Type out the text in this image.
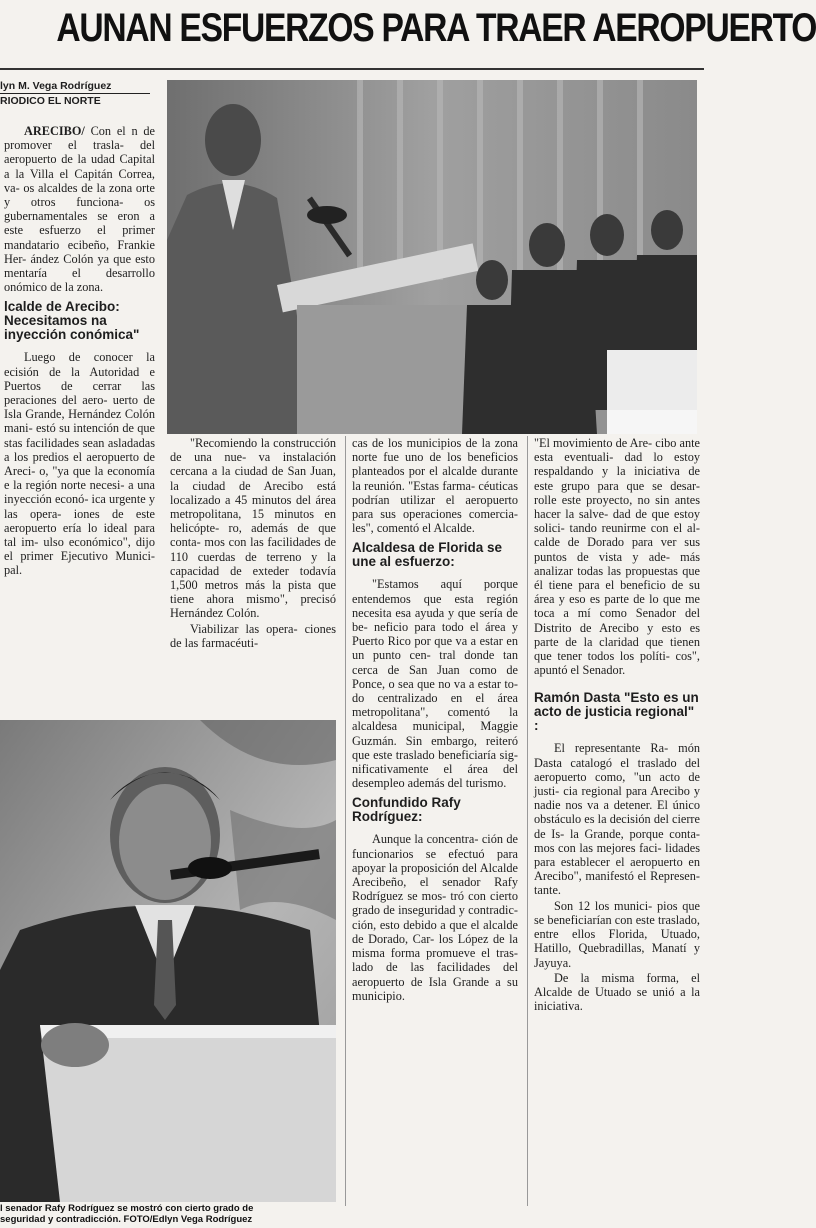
AUNAN ESFUERZOS PARA TRAER AEROPUERTO
lyn M. Vega Rodríguez
RIODICO EL NORTE

ARECIBO/ Con el n de promover el trasla- del aeropuerto de la udad Capital a la Villa el Capitán Correa, va- os alcaldes de la zona orte y otros funciona- os gubernamentales se eron a este esfuerzo el primer mandatario ecibeño, Frankie Her- ández Colón ya que esto mentaría el desarrollo onómico de la zona.

lcalde de Arecibo: Necesitamos na inyección conómica"

Luego de conocer la ecisión de la Autoridad e Puertos de cerrar las peraciones del aero- uerto de Isla Grande, Hernández Colón mani- estó su intención de que stas facilidades sean asladadas a los predios el aeropuerto de Areci- o, "ya que la economía e la región norte necesi- a una inyección econó- ica urgente y las opera- iones de este aeropuerto ería lo ideal para tal im- ulso económico", dijo el primer Ejecutivo Munici- pal.

"Recomiendo la construcción de una nue- va instalación cercana a la ciudad de San Juan, la ciudad de Arecibo está localizado a 45 minutos del área metropolitana, 15 minutos en helicópte- ro, además de que conta- mos con las facilidades de 110 cuerdas de terreno y la capacidad de exteder todavía 1,500 metros más la pista que tiene ahora mismo", precisó Hernández Colón.

Viabilizar las opera- ciones de las farmacéuti-

cas de los municipios de la zona norte fue uno de los beneficios planteados por el alcalde durante la reunión. "Estas farma- céuticas podrían utilizar el aeropuerto para sus operaciones comercia- les", comentó el Alcalde.

Alcaldesa de Florida se une al esfuerzo:

"Estamos aquí porque entendemos que esta región necesita esa ayuda y que sería de be- neficio para todo el área y Puerto Rico por que va a estar en un punto cen- tral donde tan cerca de San Juan como de Ponce, o sea que no va a estar to- do centralizado en el área metropolitana", comentó la alcaldesa municipal, Maggie Guzmán. Sin embargo, reiteró que este traslado beneficiaría sig- nificativamente el área del desempleo además del turismo.

Confundido Rafy Rodríguez:

Aunque la concentra- ción de funcionarios se efectuó para apoyar la proposición del Alcalde Arecibeño, el senador Rafy Rodríguez se mos- tró con cierto grado de inseguridad y contradic- ción, esto debido a que el alcalde de Dorado, Car- los López de la misma forma promueve el tras- lado de las facilidades del aeropuerto de Isla Grande a su municipio.

"El movimiento de Are- cibo ante esta eventuali- dad lo estoy respaldando y la iniciativa de este grupo para que se desar- rolle este proyecto, no sin antes hacer la salve- dad de que estoy solici- tando reunirme con el al- calde de Dorado para ver sus puntos de vista y ade- más analizar todas las propuestas que él tiene para el beneficio de su área y eso es parte de lo que me toca a mí como Senador del Distrito de Arecibo y esto es parte de la claridad que tienen que tener todos los políti- cos", apuntó el Senador.

Ramón Dasta "Esto es un acto de justicia regional" :

El representante Ra- món Dasta catalogó el traslado del aeropuerto como, "un acto de justi- cia regional para Arecibo y nadie nos va a detener. El único obstáculo es la decisión del cierre de Is- la Grande, porque conta- mos con las mejores faci- lidades para establecer el aeropuerto en Arecibo", manifestó el Represen- tante.

Son 12 los munici- pios que se beneficiarían con este traslado, entre ellos Florida, Utuado, Hatillo, Quebradillas, Manatí y Jayuya.

De la misma forma, el Alcalde de Utuado se unió a la iniciativa.

l senador Rafy Rodríguez se mostró con cierto grado de
seguridad y contradicción. FOTO/Edlyn Vega Rodríguez
